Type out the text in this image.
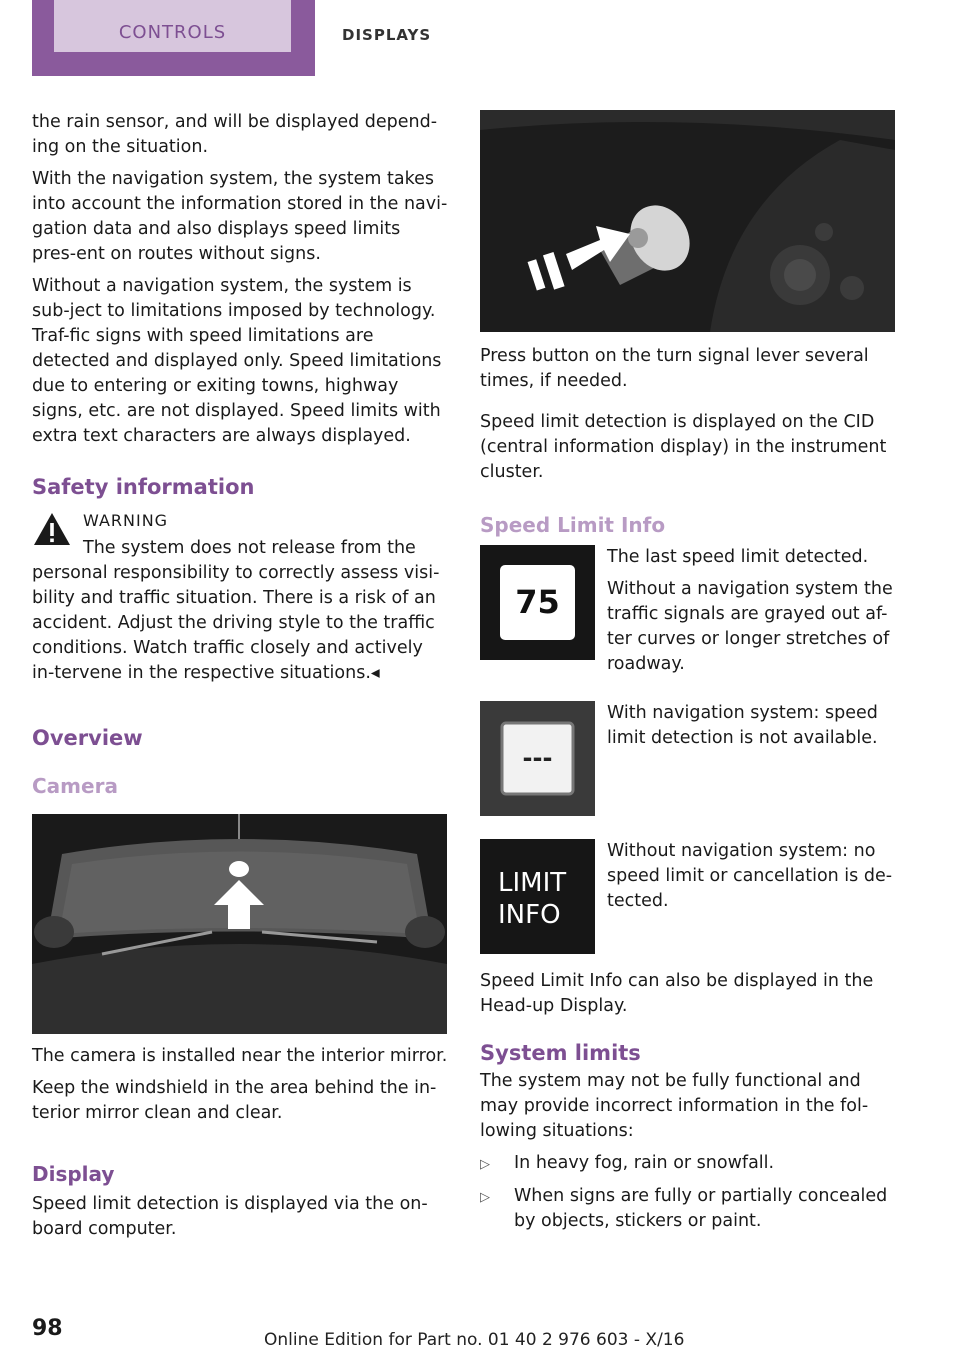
CONTROLS	DISPLAYS

the rain sensor, and will be displayed depend-ing on the situation.

With the navigation system, the system takes into account the information stored in the navi-gation data and also displays speed limits pres-ent on routes without signs.

Without a navigation system, the system is sub-ject to limitations imposed by technology. Traf-fic signs with speed limitations are detected and displayed only. Speed limitations due to entering or exiting towns, highway signs, etc. are not displayed. Speed limits with extra text characters are always displayed.

Safety information
WARNING

The system does not release from the personal responsibility to correctly assess visi-bility and traffic situation. There is a risk of an accident. Adjust the driving style to the traffic conditions. Watch traffic closely and actively in-tervene in the respective situations.◂

Overview
Camera

The camera is installed near the interior mirror.

Keep the windshield in the area behind the in-terior mirror clean and clear.

Display

Speed limit detection is displayed via the on-board computer.

Press button on the turn signal lever several times, if needed.

Speed limit detection is displayed on the CID (central information display) in the instrument cluster.

Speed Limit Info
75

The last speed limit detected.

Without a navigation system the traffic signals are grayed out af-ter curves or longer stretches of roadway.

---

With navigation system: speed limit detection is not available.

LIMIT
INFO

Without navigation system: no speed limit or cancellation is de-tected.

Speed Limit Info can also be displayed in the Head-up Display.

System limits

The system may not be fully functional and may provide incorrect information in the fol-lowing situations:

▷	In heavy fog, rain or snowfall.
▷	When signs are fully or partially concealed by objects, stickers or paint.
98	Online Edition for Part no. 01 40 2 976 603 - X/16
